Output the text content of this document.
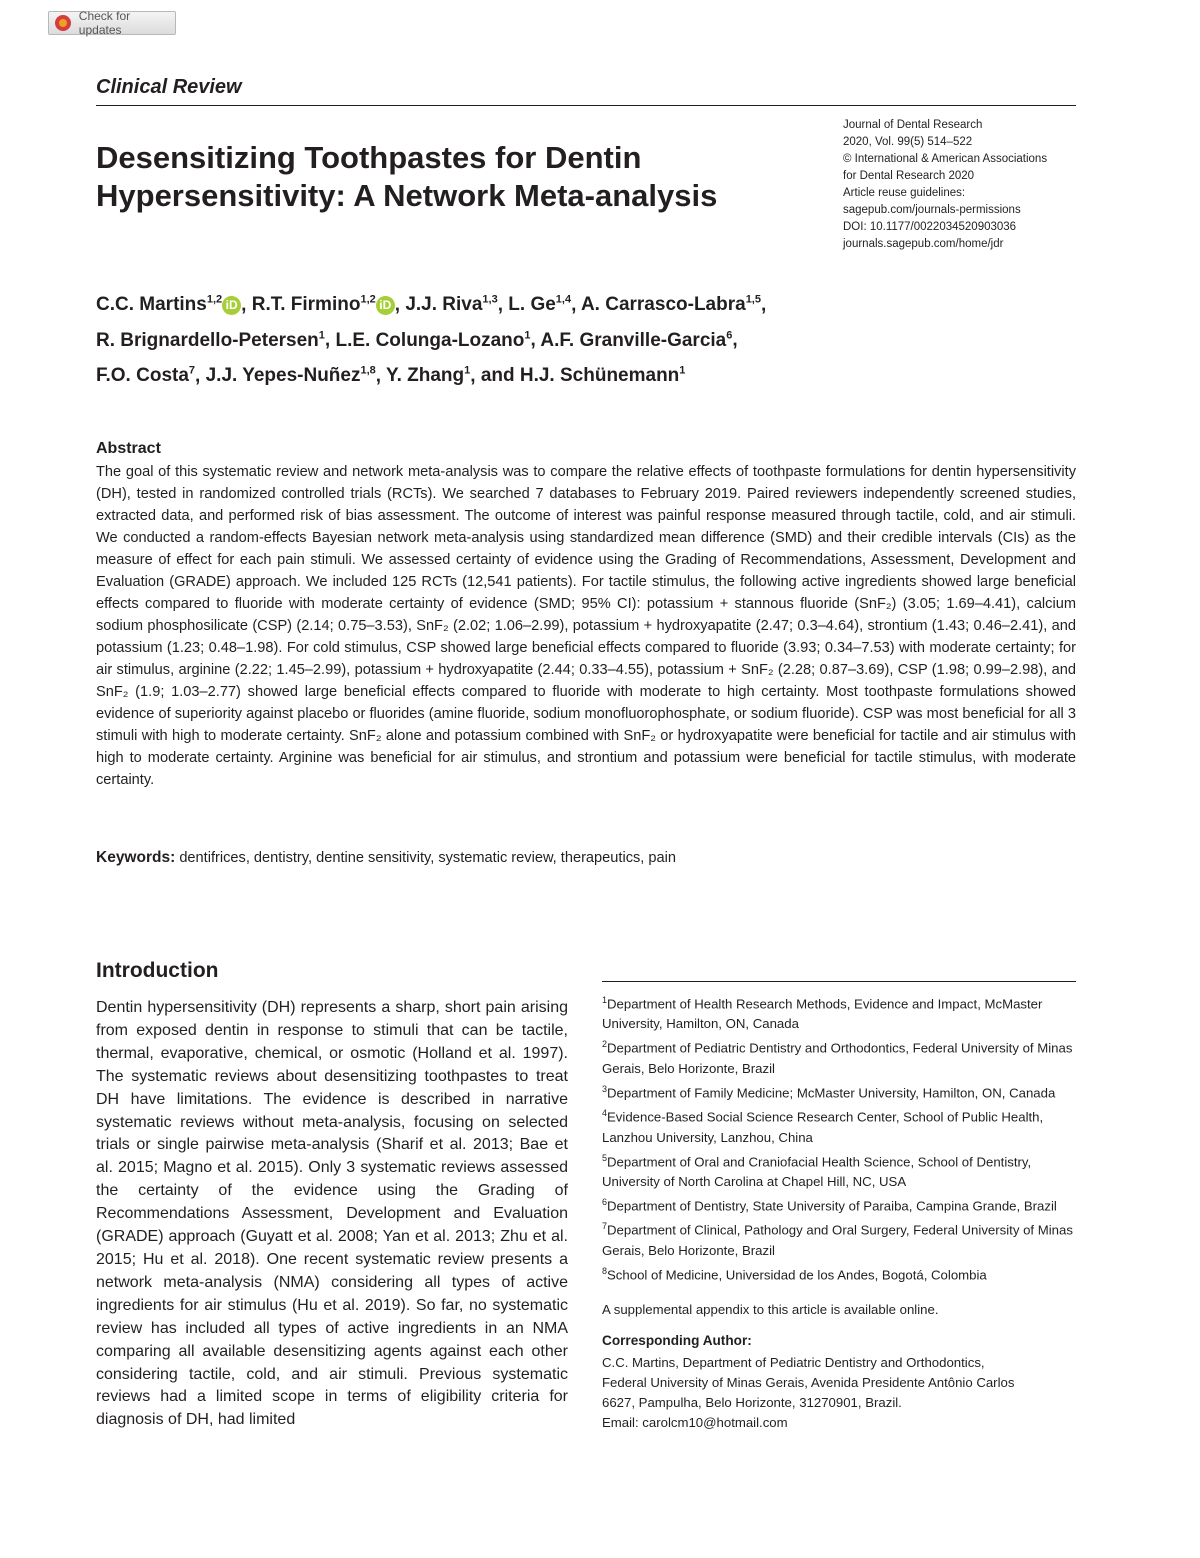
Check for updates
Clinical Review
Desensitizing Toothpastes for Dentin Hypersensitivity: A Network Meta-analysis
Journal of Dental Research
2020, Vol. 99(5) 514–522
© International & American Associations
for Dental Research 2020
Article reuse guidelines:
sagepub.com/journals-permissions
DOI: 10.1177/0022034520903036
journals.sagepub.com/home/jdr
C.C. Martins$^{1,2}$ iD , R.T. Firmino$^{1,2}$ iD , J.J. Riva$^{1,3}$, L. Ge$^{1,4}$, A. Carrasco-Labra$^{1,5}$,
R. Brignardello-Petersen$^1$, L.E. Colunga-Lozano$^1$, A.F. Granville-Garcia$^6$,
F.O. Costa$^7$, J.J. Yepes-Nuñez$^{1,8}$, Y. Zhang$^1$, and H.J. Schünemann$^1$
Abstract
The goal of this systematic review and network meta-analysis was to compare the relative effects of toothpaste formulations for dentin hypersensitivity (DH), tested in randomized controlled trials (RCTs). We searched 7 databases to February 2019. Paired reviewers independently screened studies, extracted data, and performed risk of bias assessment. The outcome of interest was painful response measured through tactile, cold, and air stimuli. We conducted a random-effects Bayesian network meta-analysis using standardized mean difference (SMD) and their credible intervals (CIs) as the measure of effect for each pain stimuli. We assessed certainty of evidence using the Grading of Recommendations, Assessment, Development and Evaluation (GRADE) approach. We included 125 RCTs (12,541 patients). For tactile stimulus, the following active ingredients showed large beneficial effects compared to fluoride with moderate certainty of evidence (SMD; 95% CI): potassium + stannous fluoride (SnF₂) (3.05; 1.69–4.41), calcium sodium phosphosilicate (CSP) (2.14; 0.75–3.53), SnF₂ (2.02; 1.06–2.99), potassium + hydroxyapatite (2.47; 0.3–4.64), strontium (1.43; 0.46–2.41), and potassium (1.23; 0.48–1.98). For cold stimulus, CSP showed large beneficial effects compared to fluoride (3.93; 0.34–7.53) with moderate certainty; for air stimulus, arginine (2.22; 1.45–2.99), potassium + hydroxyapatite (2.44; 0.33–4.55), potassium + SnF₂ (2.28; 0.87–3.69), CSP (1.98; 0.99–2.98), and SnF₂ (1.9; 1.03–2.77) showed large beneficial effects compared to fluoride with moderate to high certainty. Most toothpaste formulations showed evidence of superiority against placebo or fluorides (amine fluoride, sodium monofluorophosphate, or sodium fluoride). CSP was most beneficial for all 3 stimuli with high to moderate certainty. SnF₂ alone and potassium combined with SnF₂ or hydroxyapatite were beneficial for tactile and air stimulus with high to moderate certainty. Arginine was beneficial for air stimulus, and strontium and potassium were beneficial for tactile stimulus, with moderate certainty.
Keywords: dentifrices, dentistry, dentine sensitivity, systematic review, therapeutics, pain
Introduction
Dentin hypersensitivity (DH) represents a sharp, short pain arising from exposed dentin in response to stimuli that can be tactile, thermal, evaporative, chemical, or osmotic (Holland et al. 1997). The systematic reviews about desensitizing toothpastes to treat DH have limitations. The evidence is described in narrative systematic reviews without meta-analysis, focusing on selected trials or single pairwise meta-analysis (Sharif et al. 2013; Bae et al. 2015; Magno et al. 2015). Only 3 systematic reviews assessed the certainty of the evidence using the Grading of Recommendations Assessment, Development and Evaluation (GRADE) approach (Guyatt et al. 2008; Yan et al. 2013; Zhu et al. 2015; Hu et al. 2018). One recent systematic review presents a network meta-analysis (NMA) considering all types of active ingredients for air stimulus (Hu et al. 2019). So far, no systematic review has included all types of active ingredients in an NMA comparing all available desensitizing agents against each other considering tactile, cold, and air stimuli. Previous systematic reviews had a limited scope in terms of eligibility criteria for diagnosis of DH, had limited
$^1$Department of Health Research Methods, Evidence and Impact, McMaster University, Hamilton, ON, Canada
$^2$Department of Pediatric Dentistry and Orthodontics, Federal University of Minas Gerais, Belo Horizonte, Brazil
$^3$Department of Family Medicine; McMaster University, Hamilton, ON, Canada
$^4$Evidence-Based Social Science Research Center, School of Public Health, Lanzhou University, Lanzhou, China
$^5$Department of Oral and Craniofacial Health Science, School of Dentistry, University of North Carolina at Chapel Hill, NC, USA
$^6$Department of Dentistry, State University of Paraiba, Campina Grande, Brazil
$^7$Department of Clinical, Pathology and Oral Surgery, Federal University of Minas Gerais, Belo Horizonte, Brazil
$^8$School of Medicine, Universidad de los Andes, Bogotá, Colombia
A supplemental appendix to this article is available online.
Corresponding Author:
C.C. Martins, Department of Pediatric Dentistry and Orthodontics,
Federal University of Minas Gerais, Avenida Presidente Antônio Carlos
6627, Pampulha, Belo Horizonte, 31270901, Brazil.
Email: carolcm10@hotmail.com
